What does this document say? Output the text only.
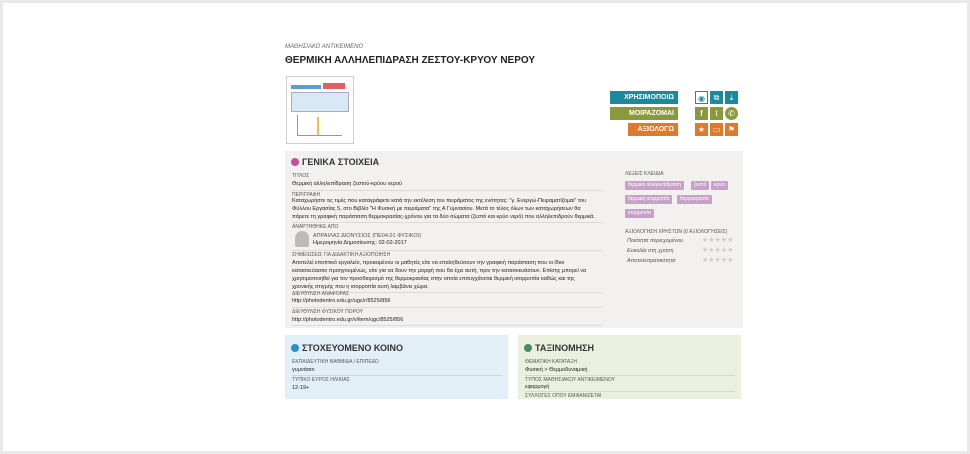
ΜΑΘΗΣΙΑΚΟ ΑΝΤΙΚΕΙΜΕΝΟ
ΘΕΡΜΙΚΗ ΑΛΛΗΛΕΠΙΔΡΑΣΗ ΖΕΣΤΟΥ-ΚΡΥΟΥ ΝΕΡΟΥ
ΧΡΗΣΙΜΟΠΟΙΩ	◉	⧉	⤓
ΜΟΙΡΑΖΟΜΑΙ	f	t	✆
ΑΞΙΟΛΟΓΩ	★ ▭ ⚑
ΓΕΝΙΚΑ ΣΤΟΙΧΕΙΑ
ΤΙΤΛΟΣ
Θερμική αλληλεπίδραση ζεστού-κρύου νερού
ΠΕΡΙΓΡΑΦΗ
Καταχωρήστε τις τιμές που καταγράφετε κατά την εκτέλεση του πειράματος της ενότητας: "γ. Ενεργώ-Πειραματίζομαι" του
Φύλλου Εργασίας 5, στο Βιβλίο "Η Φυσική με πειράματα" της Α Γυμνασίου. Μετά το τέλος όλων των καταχωρήσεων θα
πάρετε τη γραφική παράσταση θερμοκρασίας-χρόνου για τα δύο σώματα (ζεστό και κρύο νερό) που αλληλεπιδρούν θερμικά.
ΑΝΑΡΤΗΘΗΚΕ ΑΠΟ
ΑΠΡΑΙΛΑΣ ΔΙΟΝΥΣΙΟΣ (ΠΕ04.01 ΦΥΣΙΚΟΙ)
Ημερομηνία Δημοσίευσης: 02-02-2017
ΣΗΜΕΙΩΣΕΙΣ ΓΙΑ ΔΙΔΑΚΤΙΚΗ ΑΞΙΟΠΟΙΗΣΗ
Αποτελεί εποπτικό εργαλείο, προκειμένου οι μαθητές είτε να επαληθεύσουν την γραφική παράσταση που οι ίδιοι
κατασκεύασαν προηγουμένως, είτε για να δουν την μορφή που θα έχει αυτή, πριν την κατασκευάσουν. Επίσης μπορεί να
χρησιμοποιηθεί για τον προσδιορισμό της θερμοκρασίας στην οποία επιτυγχάνεται θερμική ισορροπία καθώς και της
χρονικής στιγμής που η ισορροπία αυτή λαμβάνει χώρα.
ΔΙΕΥΘΥΝΣΗ ΑΝΑΦΟΡΑΣ
http://photodentro.edu.gr/ugc/r/8525/856
ΔΙΕΥΘΥΝΣΗ ΦΥΣΙΚΟΥ ΠΟΡΟΥ
http://photodentro.edu.gr/v/item/ugc/8525/856
ΛΕΞΕΙΣ ΚΛΕΙΔΙΑ
θερμική αλληλεπίδραση	ζεστό	κρύο
θερμική ισορροπία	θερμοκρασία
ισορροπία
ΑΞΙΟΛΟΓΗΣΗ ΧΡΗΣΤΩΝ (0 ΑΞΙΟΛΟΓΉΣΕΙΣ)
Ποιότητα περιεχομένου	★★★★★
Ευκολία στη χρήση	★★★★★
Αποτελεσματικότητα	★★★★★
ΣΤΟΧΕΥΟΜΕΝΟ ΚΟΙΝΟ
ΕΚΠΑΙΔΕΥΤΙΚΗ ΒΑΘΜΙΔΑ / ΕΠΙΠΕΔΟ
γυμνάσιο
ΤΥΠΙΚΟ ΕΥΡΟΣ ΗΛΙΚΙΑΣ
12-19+
ΤΑΞΙΝΟΜΗΣΗ
ΘΕΜΑΤΙΚΗ ΚΑΤΑΤΑΞΗ
Φυσική > Θερμοδυναμική
ΤΥΠΟΣ ΜΑΘΗΣΙΑΚΟΥ ΑΝΤΙΚΕΙΜΕΝΟΥ
εφαρμογή
ΣΥΛΛΟΓΕΣ ΟΠΟΥ ΕΜΦΑΝΙΖΕΤΑΙ
